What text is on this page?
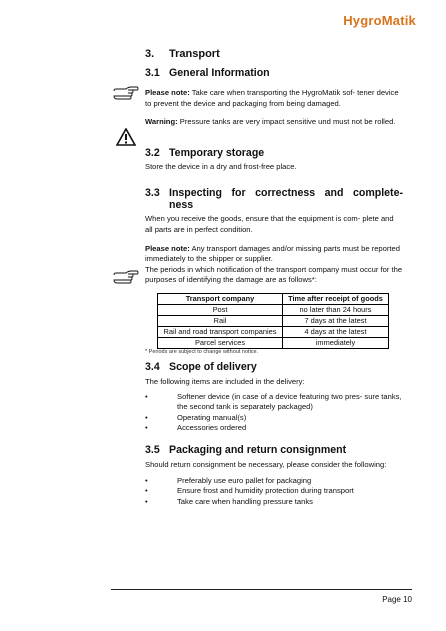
HygroMatik
3.	Transport
3.1 General Information
Please note: Take care when transporting the HygroMatik sof- tener device to prevent the device and packaging from being damaged.
Warning: Pressure tanks are very impact sensitive und must not be rolled.
3.2 Temporary storage

Store the device in a dry and frost-free place.

3.3 Inspecting for correctness and complete- ness

When you receive the goods, ensure that the equipment is com- plete and all parts are in perfect condition.

Please note: Any transport damages and/or missing parts must be reported immediately to the shipper or supplier.

The periods in which notification of the transport company must occur for the purposes of identifying the damage are as follows*:

Transport company	Time after receipt of goods
Post	no later than 24 hours
Rail	7 days at the latest
Rail and road transport companies	4 days at the latest
Parcel services	immediately
* Periods are subject to change without notice.
3.4 Scope of delivery

The following items are included in the delivery:

•	Softener device (in case of a device featuring two pres- sure tanks, the second tank is separately packaged)
•	Operating manual(s)
•	Accessories ordered
3.5 Packaging and return consignment

Should return consignment be necessary, please consider the following:

•	Preferably use euro pallet for packaging
•	Ensure frost and humidity protection during transport
•	Take care when handling pressure tanks
Page 10
